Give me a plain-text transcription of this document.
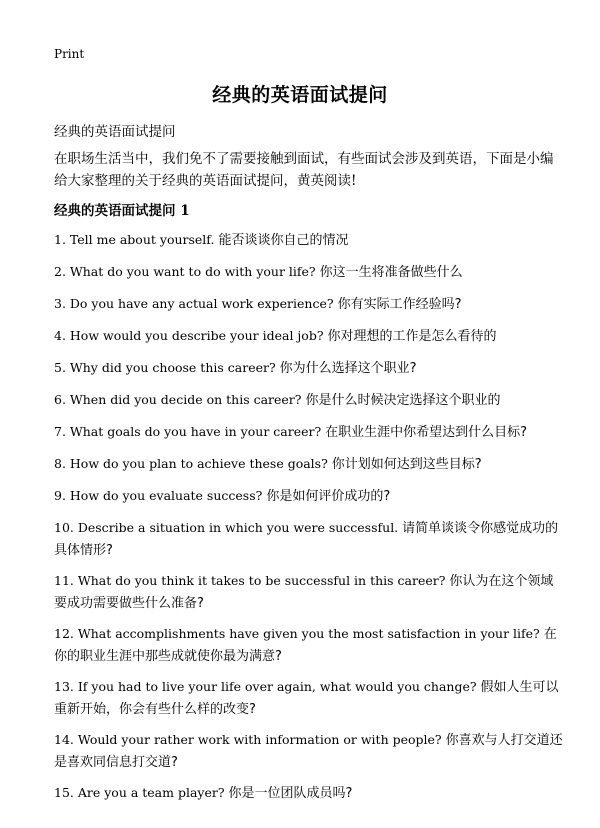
Print
经典的英语面试提问
经典的英语面试提问
在职场生活当中，我们免不了需要接触到面试，有些面试会涉及到英语，下面是小编给大家整理的关于经典的英语面试提问，黄英阅读!
经典的英语面试提问 1
1. Tell me about yourself. 能否谈谈你自己的情况
2. What do you want to do with your life? 你这一生将准备做些什么
3. Do you have any actual work experience? 你有实际工作经验吗?
4. How would you describe your ideal job? 你对理想的工作是怎么看待的
5. Why did you choose this career? 你为什么选择这个职业?
6. When did you decide on this career? 你是什么时候决定选择这个职业的
7. What goals do you have in your career? 在职业生涯中你希望达到什么目标?
8. How do you plan to achieve these goals? 你计划如何达到这些目标?
9. How do you evaluate success? 你是如何评价成功的?
10. Describe a situation in which you were successful. 请简单谈谈令你感觉成功的具体情形?
11. What do you think it takes to be successful in this career? 你认为在这个领域要成功需要做些什么准备?
12. What accomplishments have given you the most satisfaction in your life? 在你的职业生涯中那些成就使你最为满意?
13. If you had to live your life over again, what would you change? 假如人生可以重新开始，你会有些什么样的改变?
14. Would your rather work with information or with people? 你喜欢与人打交道还是喜欢同信息打交道?
15. Are you a team player? 你是一位团队成员吗?
